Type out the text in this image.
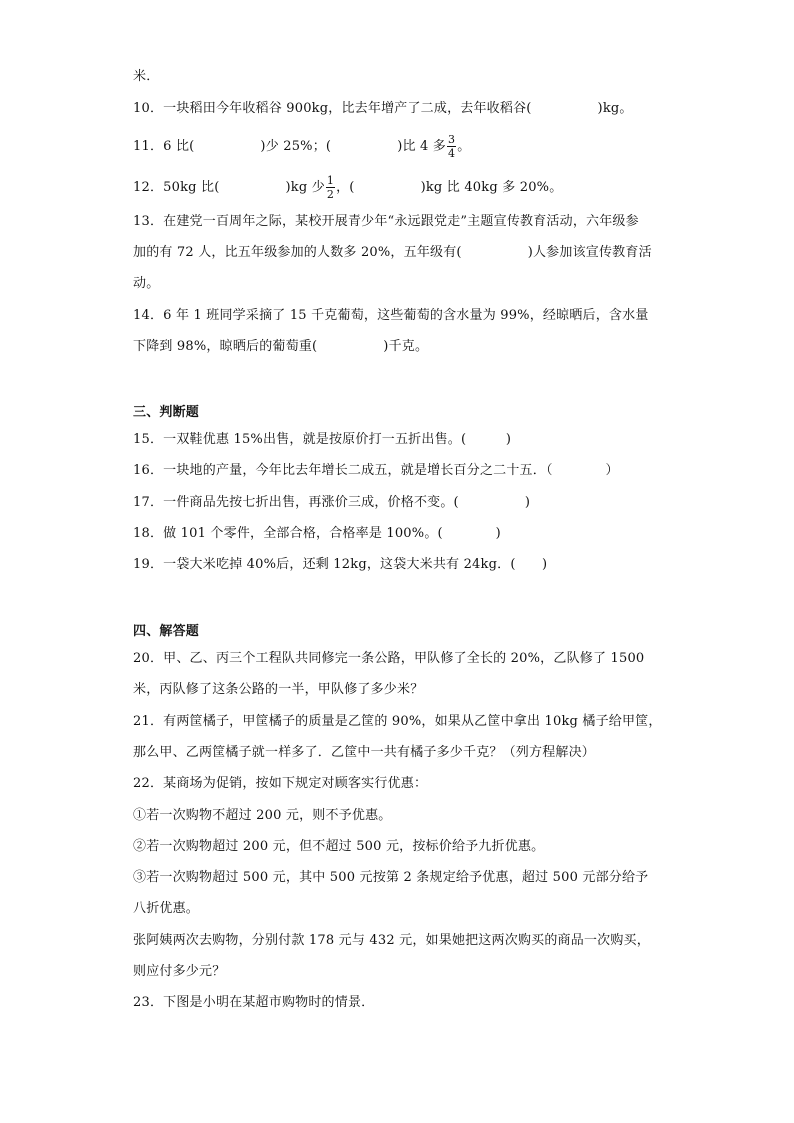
米．
10．一块稻田今年收稻谷 900kg，比去年增产了二成，去年收稻谷(　　　　　)kg。
11．6 比(　　　　　)少 25%；(　　　　　)比 4 多 $\frac{3}{4}$ 。
12．50kg 比(　　　　　)kg 少 $\frac{1}{2}$ ，(　　　　　)kg 比 40kg 多 20%。
13．在建党一百周年之际，某校开展青少年“永远跟党走”主题宣传教育活动，六年级参
加的有 72 人，比五年级参加的人数多 20%，五年级有(　　　　　)人参加该宣传教育活
动。
14．6 年 1 班同学采摘了 15 千克葡萄，这些葡萄的含水量为 99%，经晾晒后，含水量
下降到 98%，晾晒后的葡萄重(　　　　　)千克。
三、判断题
15．一双鞋优惠 15%出售，就是按原价打一五折出售。(　　　)
16．一块地的产量，今年比去年增长二成五，就是增长百分之二十五．（　　　　）
17．一件商品先按七折出售，再涨价三成，价格不变。(　　　　　)
18．做 101 个零件，全部合格，合格率是 100%。(　　　　)
19．一袋大米吃掉 40%后，还剩 12kg，这袋大米共有 24kg．(　　)
四、解答题
20．甲、乙、丙三个工程队共同修完一条公路，甲队修了全长的 20%，乙队修了 1500
米，丙队修了这条公路的一半，甲队修了多少米？
21．有两筐橘子，甲筐橘子的质量是乙筐的 90%，如果从乙筐中拿出 10kg 橘子给甲筐，
那么甲、乙两筐橘子就一样多了．乙筐中一共有橘子多少千克？（列方程解决）
22．某商场为促销，按如下规定对顾客实行优惠：
①若一次购物不超过 200 元，则不予优惠。
②若一次购物超过 200 元，但不超过 500 元，按标价给予九折优惠。
③若一次购物超过 500 元，其中 500 元按第 2 条规定给予优惠，超过 500 元部分给予
八折优惠。
张阿姨两次去购物，分别付款 178 元与 432 元，如果她把这两次购买的商品一次购买，
则应付多少元？
23．下图是小明在某超市购物时的情景．
